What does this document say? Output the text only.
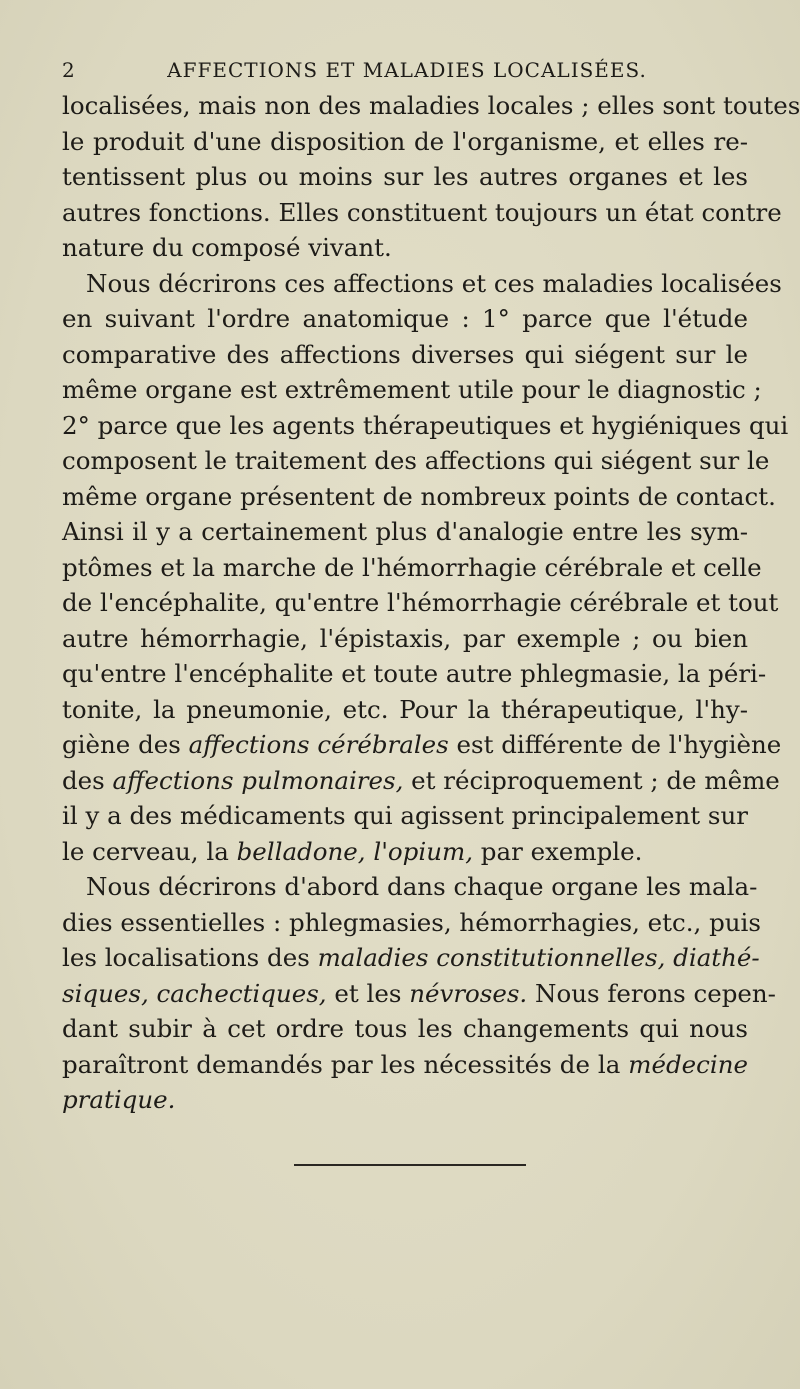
2	AFFECTIONS ET MALADIES LOCALISÉES.
localisées, mais non des maladies locales ; elles sont toutes
le produit d'une disposition de l'organisme, et elles re-
tentissent plus ou moins sur les autres organes et les
autres fonctions. Elles constituent toujours un état contre
nature du composé vivant.
Nous décrirons ces affections et ces maladies localisées
en suivant l'ordre anatomique : 1° parce que l'étude
comparative des affections diverses qui siégent sur le
même organe est extrêmement utile pour le diagnostic ;
2° parce que les agents thérapeutiques et hygiéniques qui
composent le traitement des affections qui siégent sur le
même organe présentent de nombreux points de contact.
Ainsi il y a certainement plus d'analogie entre les sym-
ptômes et la marche de l'hémorrhagie cérébrale et celle
de l'encéphalite, qu'entre l'hémorrhagie cérébrale et tout
autre hémorrhagie, l'épistaxis, par exemple ; ou bien
qu'entre l'encéphalite et toute autre phlegmasie, la péri-
tonite, la pneumonie, etc. Pour la thérapeutique, l'hy-
giène des affections cérébrales est différente de l'hygiène
des affections pulmonaires, et réciproquement ; de même
il y a des médicaments qui agissent principalement sur
le cerveau, la belladone, l'opium, par exemple.
Nous décrirons d'abord dans chaque organe les mala-
dies essentielles : phlegmasies, hémorrhagies, etc., puis
les localisations des maladies constitutionnelles, diathé-
siques, cachectiques, et les névroses. Nous ferons cepen-
dant subir à cet ordre tous les changements qui nous
paraîtront demandés par les nécessités de la médecine
pratique.
